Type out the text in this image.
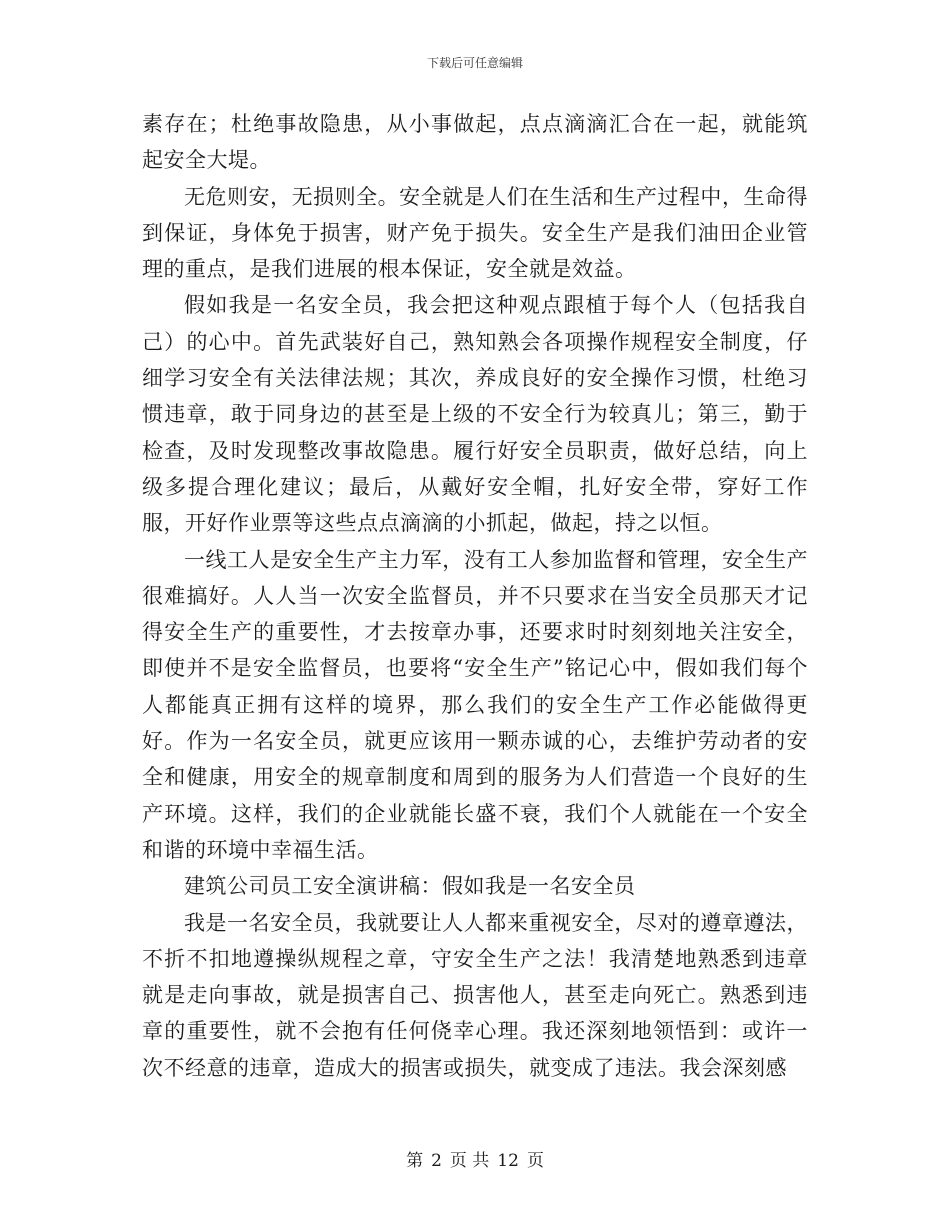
下载后可任意编辑

素存在；杜绝事故隐患，从小事做起，点点滴滴汇合在一起，就能筑起安全大堤。

无危则安，无损则全。安全就是人们在生活和生产过程中，生命得到保证，身体免于损害，财产免于损失。安全生产是我们油田企业管理的重点，是我们进展的根本保证，安全就是效益。

假如我是一名安全员，我会把这种观点跟植于每个人（包括我自己）的心中。首先武装好自己，熟知熟会各项操作规程安全制度，仔细学习安全有关法律法规；其次，养成良好的安全操作习惯，杜绝习惯违章，敢于同身边的甚至是上级的不安全行为较真儿；第三，勤于检查，及时发现整改事故隐患。履行好安全员职责，做好总结，向上级多提合理化建议；最后，从戴好安全帽，扎好安全带，穿好工作服，开好作业票等这些点点滴滴的小抓起，做起，持之以恒。

一线工人是安全生产主力军，没有工人参加监督和管理，安全生产很难搞好。人人当一次安全监督员，并不只要求在当安全员那天才记得安全生产的重要性，才去按章办事，还要求时时刻刻地关注安全，即使并不是安全监督员，也要将“安全生产”铭记心中，假如我们每个人都能真正拥有这样的境界，那么我们的安全生产工作必能做得更好。作为一名安全员，就更应该用一颗赤诚的心，去维护劳动者的安全和健康，用安全的规章制度和周到的服务为人们营造一个良好的生产环境。这样，我们的企业就能长盛不衰，我们个人就能在一个安全和谐的环境中幸福生活。

建筑公司员工安全演讲稿：假如我是一名安全员

我是一名安全员，我就要让人人都来重视安全，尽对的遵章遵法，不折不扣地遵操纵规程之章，守安全生产之法！我清楚地熟悉到违章就是走向事故，就是损害自己、损害他人，甚至走向死亡。熟悉到违章的重要性，就不会抱有任何侥幸心理。我还深刻地领悟到：或许一次不经意的违章，造成大的损害或损失，就变成了违法。我会深刻感

第 2 页 共 12 页
